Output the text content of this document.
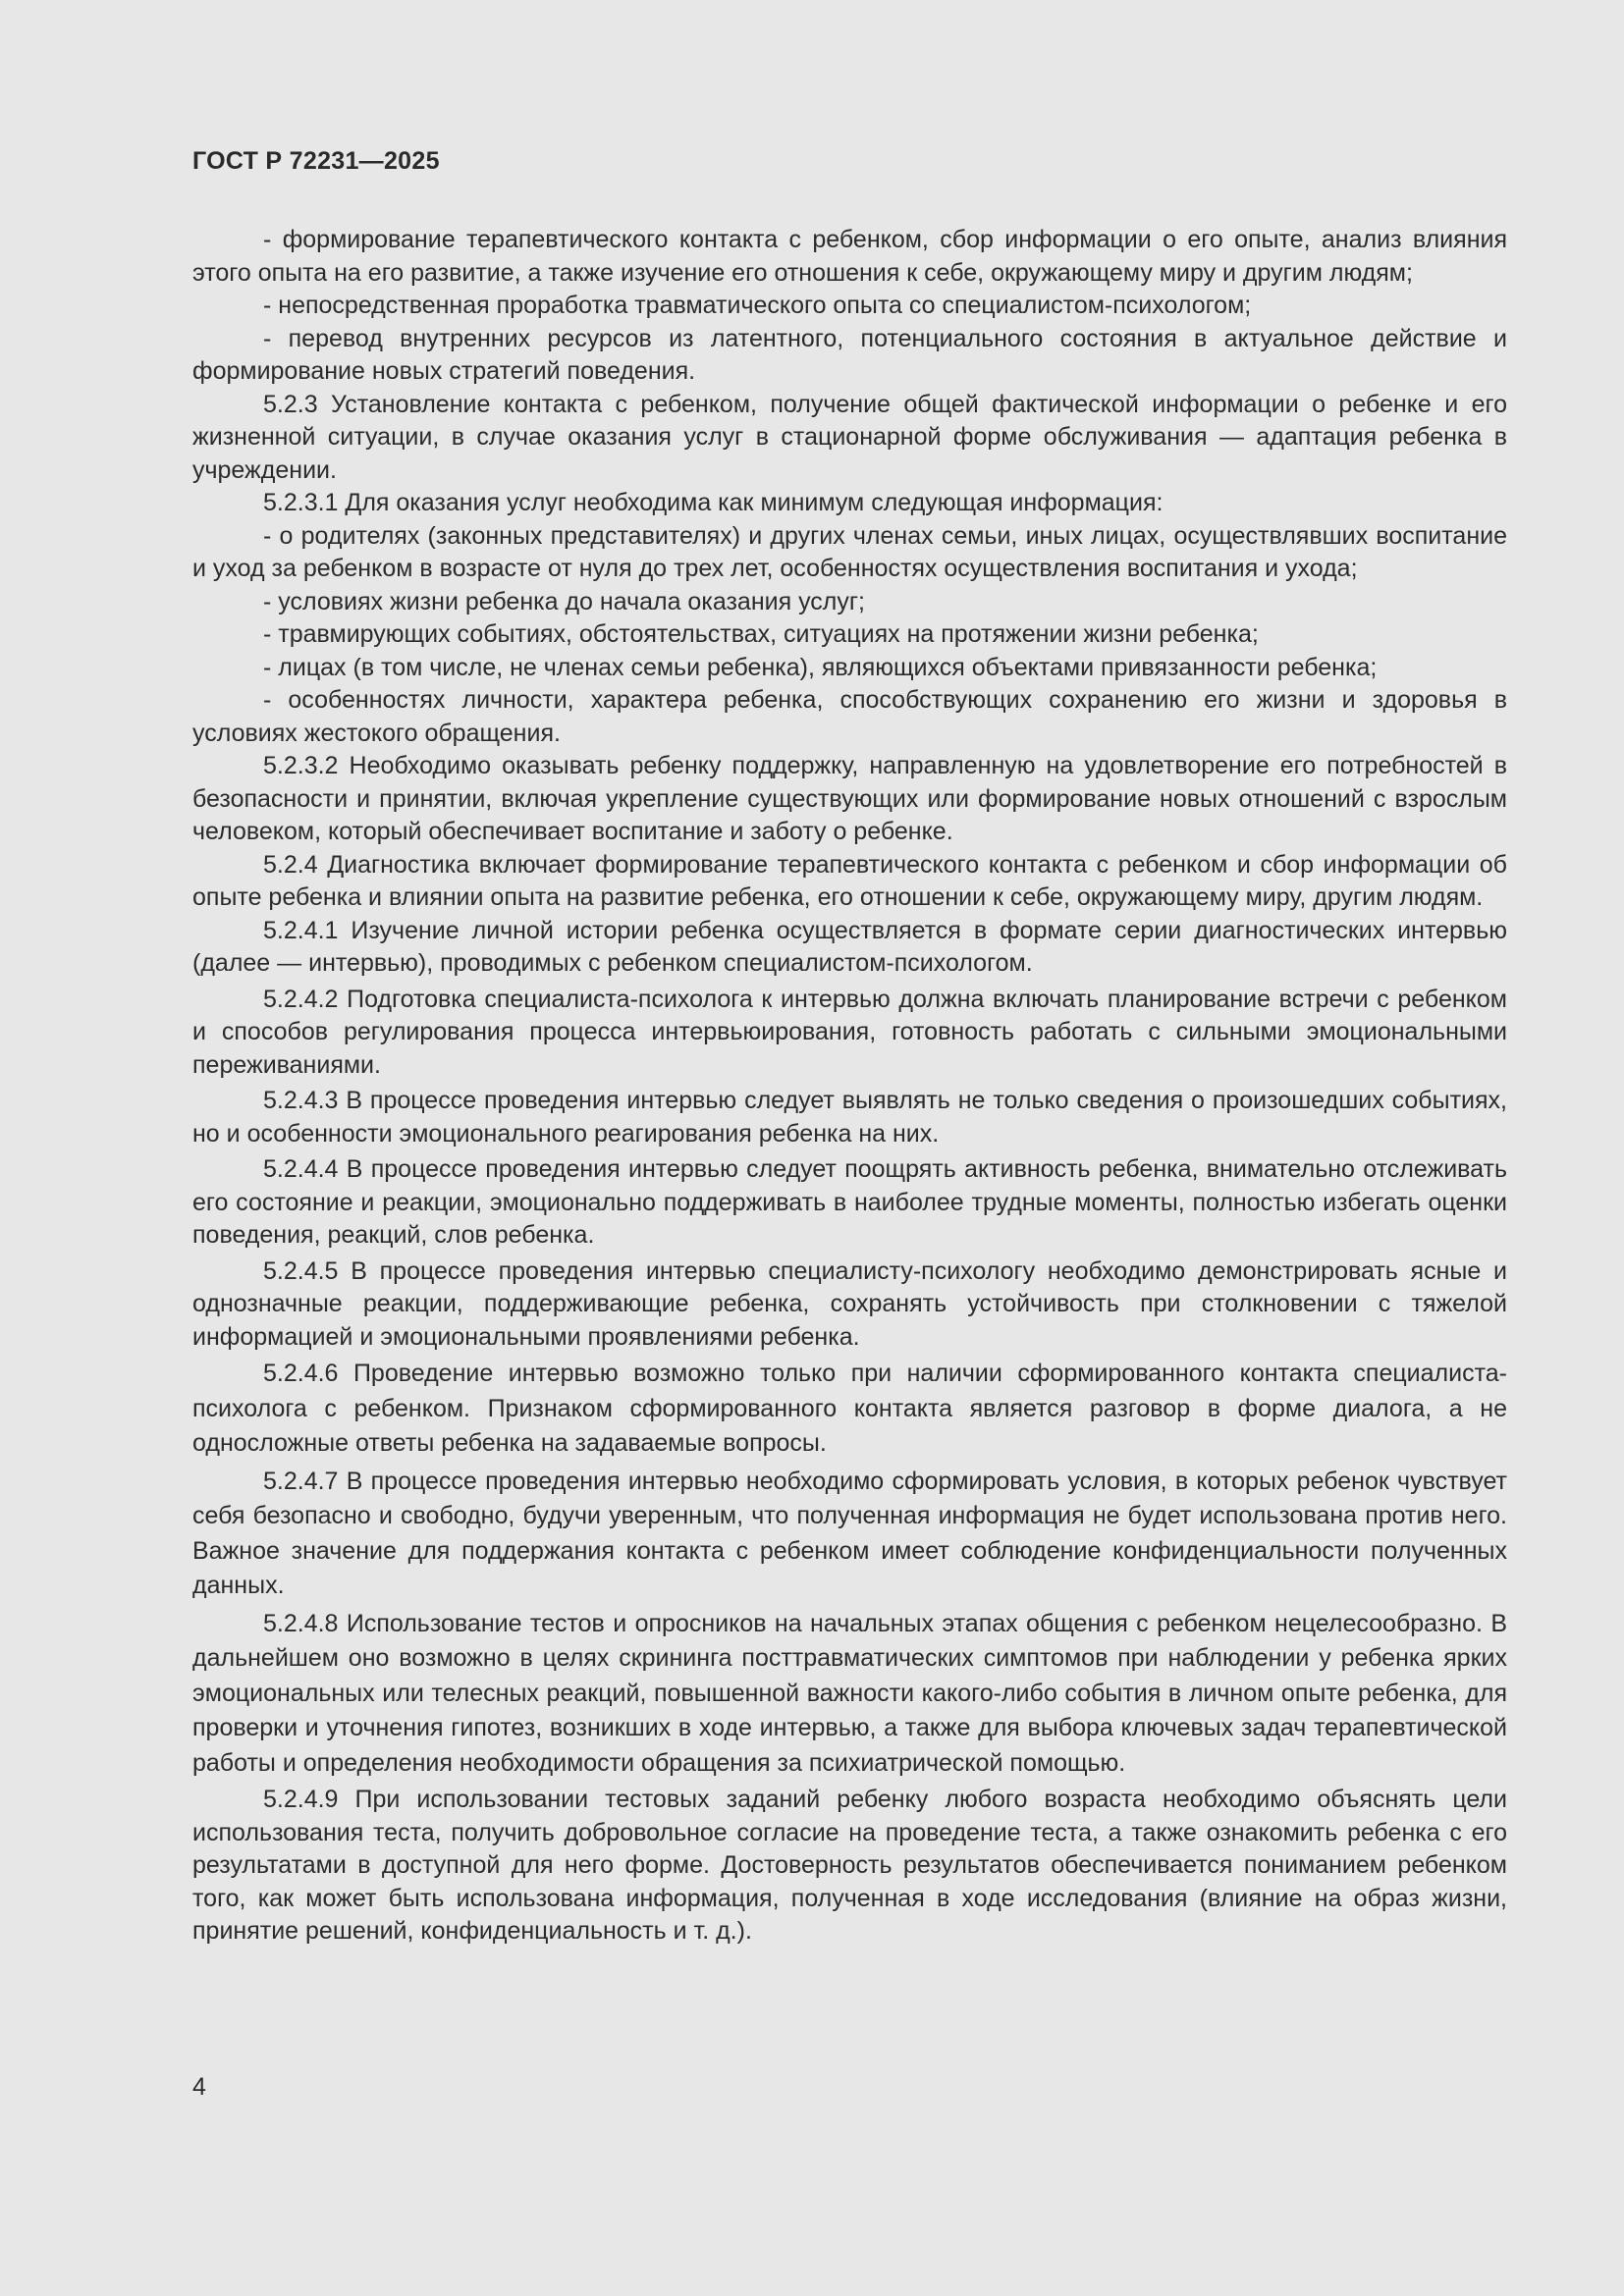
ГОСТ Р 72231—2025

- формирование терапевтического контакта с ребенком, сбор информации о его опыте, анализ влияния этого опыта на его развитие, а также изучение его отношения к себе, окружающему миру и другим людям;

- непосредственная проработка травматического опыта со специалистом-психологом;

- перевод внутренних ресурсов из латентного, потенциального состояния в актуальное действие и формирование новых стратегий поведения.

5.2.3 Установление контакта с ребенком, получение общей фактической информации о ребенке и его жизненной ситуации, в случае оказания услуг в стационарной форме обслуживания — адаптация ребенка в учреждении.

5.2.3.1 Для оказания услуг необходима как минимум следующая информация:

- о родителях (законных представителях) и других членах семьи, иных лицах, осуществлявших воспитание и уход за ребенком в возрасте от нуля до трех лет, особенностях осуществления воспитания и ухода;

- условиях жизни ребенка до начала оказания услуг;

- травмирующих событиях, обстоятельствах, ситуациях на протяжении жизни ребенка;

- лицах (в том числе, не членах семьи ребенка), являющихся объектами привязанности ребенка;

- особенностях личности, характера ребенка, способствующих сохранению его жизни и здоровья в условиях жестокого обращения.

5.2.3.2 Необходимо оказывать ребенку поддержку, направленную на удовлетворение его потребностей в безопасности и принятии, включая укрепление существующих или формирование новых отношений с взрослым человеком, который обеспечивает воспитание и заботу о ребенке.

5.2.4 Диагностика включает формирование терапевтического контакта с ребенком и сбор информации об опыте ребенка и влиянии опыта на развитие ребенка, его отношении к себе, окружающему миру, другим людям.

5.2.4.1 Изучение личной истории ребенка осуществляется в формате серии диагностических интервью (далее — интервью), проводимых с ребенком специалистом-психологом.

5.2.4.2 Подготовка специалиста-психолога к интервью должна включать планирование встречи с ребенком и способов регулирования процесса интервьюирования, готовность работать с сильными эмоциональными переживаниями.

5.2.4.3 В процессе проведения интервью следует выявлять не только сведения о произошедших событиях, но и особенности эмоционального реагирования ребенка на них.

5.2.4.4 В процессе проведения интервью следует поощрять активность ребенка, внимательно отслеживать его состояние и реакции, эмоционально поддерживать в наиболее трудные моменты, полностью избегать оценки поведения, реакций, слов ребенка.

5.2.4.5 В процессе проведения интервью специалисту-психологу необходимо демонстрировать ясные и однозначные реакции, поддерживающие ребенка, сохранять устойчивость при столкновении с тяжелой информацией и эмоциональными проявлениями ребенка.

5.2.4.6 Проведение интервью возможно только при наличии сформированного контакта специалиста-психолога с ребенком. Признаком сформированного контакта является разговор в форме диалога, а не односложные ответы ребенка на задаваемые вопросы.

5.2.4.7 В процессе проведения интервью необходимо сформировать условия, в которых ребенок чувствует себя безопасно и свободно, будучи уверенным, что полученная информация не будет использована против него. Важное значение для поддержания контакта с ребенком имеет соблюдение конфиденциальности полученных данных.

5.2.4.8 Использование тестов и опросников на начальных этапах общения с ребенком нецелесообразно. В дальнейшем оно возможно в целях скрининга посттравматических симптомов при наблюдении у ребенка ярких эмоциональных или телесных реакций, повышенной важности какого-либо события в личном опыте ребенка, для проверки и уточнения гипотез, возникших в ходе интервью, а также для выбора ключевых задач терапевтической работы и определения необходимости обращения за психиатрической помощью.

5.2.4.9 При использовании тестовых заданий ребенку любого возраста необходимо объяснять цели использования теста, получить добровольное согласие на проведение теста, а также ознакомить ребенка с его результатами в доступной для него форме. Достоверность результатов обеспечивается пониманием ребенком того, как может быть использована информация, полученная в ходе исследования (влияние на образ жизни, принятие решений, конфиденциальность и т. д.).

4
